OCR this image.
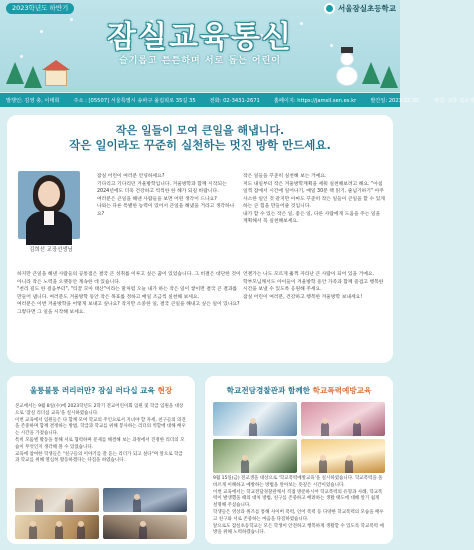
2023학년도 하반기	서울잠실초등학교
잠실교육통신
슬기롭고 튼튼하며 서로 돕는 어린이
발행인: 김영 총, 이태희	주소 : [05507] 서울특별시 송파구 올림픽로 35길 35	전화: 02-3431-2671	홈페이지: https://jamsil.sen.es.kr	발간일: 2023.12.30.	편집: 교무 김유경
작은 일들이 모여 큰일을 해냅니다.
작은 일이라도 꾸준히 실천하는 멋진 방학 만드세요.
김희선 교장선생님

잠실 어린이 여러분 안녕하세요?

기다리고 기다리던 겨울방학입니다. 겨울방학과 함께 시작되는 2024년에도 더욱 건강하고 씩씩한 한 해가 되길 바랍니다.

여러분은 큰일을 해낸 사람들을 보면 어떤 생각이 드나요?

나와는 다른 특별한 능력이 있어서 큰일을 해냈을 거라고 생각하나요?

작은 일들을 꾸준히 실천해 보는 거예요.

저도 내일부터 작은 겨울방학계획을 세워 실천해보려고 해요. "아침 일찍 잠에서 시간에 일어나기, 매일 30분 책 읽기, 줄넘기하기" 아주 사소한 일인 것 같지만 아마도 꾸준히 작은 일들이 큰일을 할 수 있게 하는 큰 힘을 만들어줄 것입니다.

내가 할 수 있는 작은 일, 좋은 일, 다른 사람에게 도움을 주는 일을 계획해서 꼭 실천해보세요.

하지만 큰일을 해낸 사람들의 공통점은 결국 큰 성취를 이루고 싶은 꿈이 있었습니다. 그 비결은 대단한 것이 아니라 작은 노력을 오랫동안 계속한 데 있습니다.

"천리 길도 한 걸음부터", "티끌 모아 태산"이라는 말처럼 오늘 내가 하는 작은 일이 쌓이면 결국 큰 결과를 만들어 냅니다. 여러분도 겨울방학 동안 작은 목표를 정하고 매일 조금씩 실천해 보세요.

여러분은 이번 겨울방학을 어떻게 보내고 싶나요? 작지만 소중한 일, 결국 큰일을 해내고 싶은 일이 있나요? 그렇다면 그 일을 시작해 보세요.

언젠가는 나도 모르게 훌쩍 자라난 큰 사람이 되어 있을 거예요.

학부모님께서도 아이들이 겨울방학 동안 가족과 함께 즐겁고 행복한 시간을 보낼 수 있도록 응원해 주세요.

잠실 어린이 여러분, 건강하고 행복한 겨울방학 보내세요!

울퉁불퉁 러리러만? 잠실 러다십 교육 현장

본교에서는 9월 8일(수)에 2023학년도 2학기 전교어린이회 임원 및 학급 임원을 대상으로 '잠실 리더십 교육'을 실시하였습니다.

이번 교육에서 임원들은 다 함께 모여 학교의 주인으로서 지녀야 할 자세, 친구들의 의견을 존중하며 함께 결정하는 방법, 학급과 학교를 위해 봉사하는 리더의 역할에 대해 배우는 시간을 가졌습니다.

특히 모둠별 활동을 통해 서로 협력하며 문제를 해결해 보는 과정에서 진정한 리더의 모습이 무엇인지 생각해 볼 수 있었습니다.

교육에 참여한 학생들은 "친구들의 이야기를 잘 듣는 리더가 되고 싶다"며 앞으로 학급과 학교를 위해 열심히 활동하겠다는 다짐을 하였습니다.

학교전담경찰관과 함께한 학교폭력예방교육

9월 15일(금) 전교생을 대상으로 '학교폭력예방교육'을 실시하였습니다. 학교폭력을 올바르게 이해하고 예방하는 방법을 알아보는 뜻깊은 시간이었습니다.

이번 교육에서는 학교전담경찰관께서 직접 방문하시어 학교폭력의 유형과 사례, 학교폭력이 발생했을 때의 대처 방법, 친구를 존중하고 배려하는 생활 태도에 대해 알기 쉽게 설명해 주셨습니다.

학생들은 영상과 퀴즈를 통해 사이버 폭력, 언어 폭력 등 다양한 학교폭력의 모습을 배우고 친구와 서로 존중하는 마음을 다짐하였습니다.

앞으로도 잠실초등학교는 모든 학생이 안전하고 행복하게 생활할 수 있도록 학교폭력 예방을 위해 노력하겠습니다.
